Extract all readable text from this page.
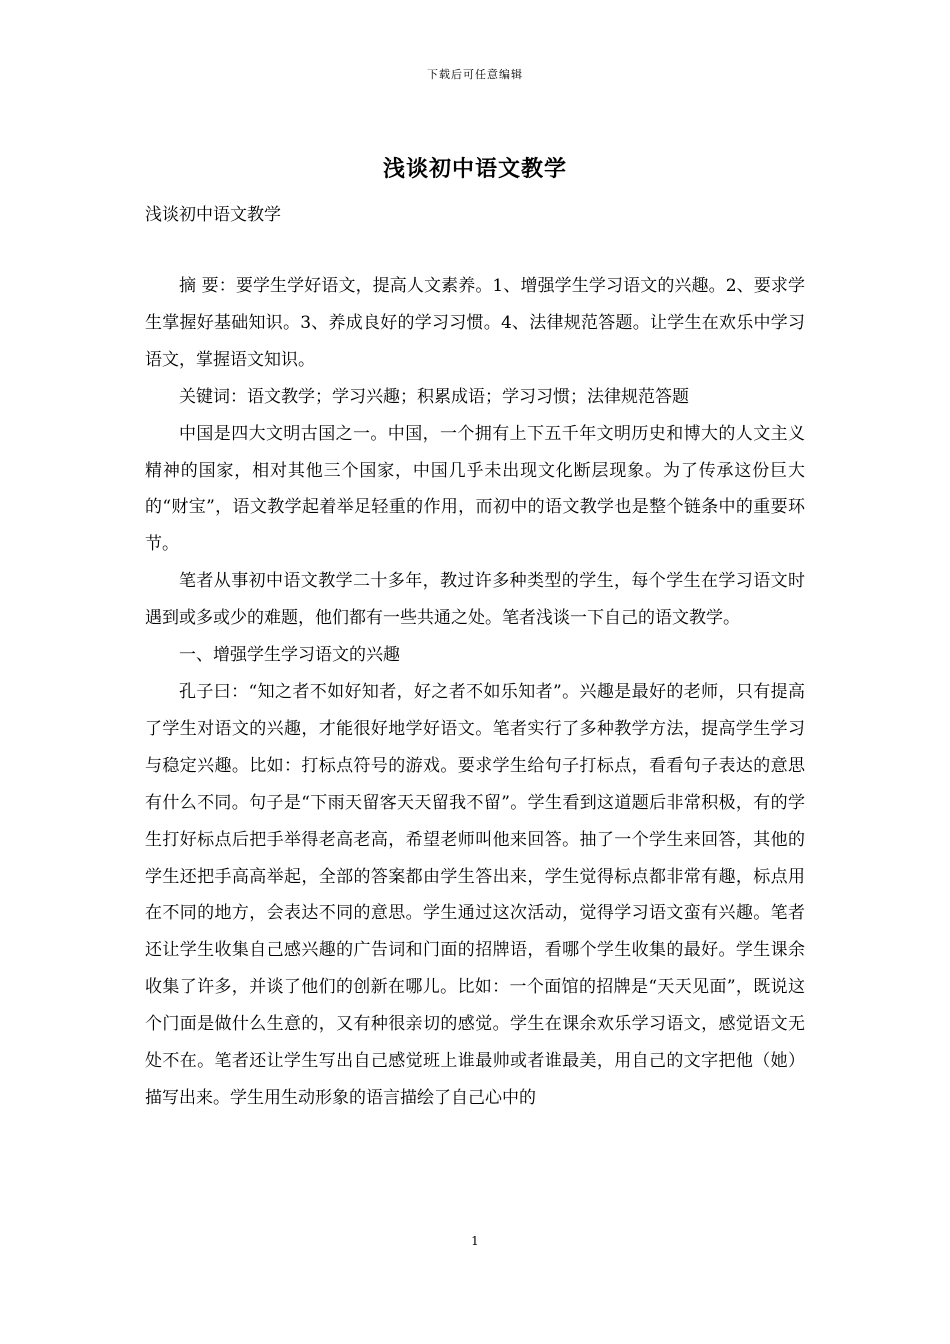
下载后可任意编辑
浅谈初中语文教学

浅谈初中语文教学

摘 要：要学生学好语文，提高人文素养。1、增强学生学习语文的兴趣。2、要求学生掌握好基础知识。3、养成良好的学习习惯。4、法律规范答题。让学生在欢乐中学习语文，掌握语文知识。

关键词：语文教学；学习兴趣；积累成语；学习习惯；法律规范答题

中国是四大文明古国之一。中国，一个拥有上下五千年文明历史和博大的人文主义精神的国家，相对其他三个国家，中国几乎未出现文化断层现象。为了传承这份巨大的“财宝”，语文教学起着举足轻重的作用，而初中的语文教学也是整个链条中的重要环节。

笔者从事初中语文教学二十多年，教过许多种类型的学生，每个学生在学习语文时遇到或多或少的难题，他们都有一些共通之处。笔者浅谈一下自己的语文教学。

一、增强学生学习语文的兴趣

孔子曰：“知之者不如好知者，好之者不如乐知者”。兴趣是最好的老师，只有提高了学生对语文的兴趣，才能很好地学好语文。笔者实行了多种教学方法，提高学生学习与稳定兴趣。比如：打标点符号的游戏。要求学生给句子打标点，看看句子表达的意思有什么不同。句子是“下雨天留客天天留我不留”。学生看到这道题后非常积极，有的学生打好标点后把手举得老高老高，希望老师叫他来回答。抽了一个学生来回答，其他的学生还把手高高举起，全部的答案都由学生答出来，学生觉得标点都非常有趣，标点用在不同的地方，会表达不同的意思。学生通过这次活动，觉得学习语文蛮有兴趣。笔者还让学生收集自己感兴趣的广告词和门面的招牌语，看哪个学生收集的最好。学生课余收集了许多，并谈了他们的创新在哪儿。比如：一个面馆的招牌是“天天见面”，既说这个门面是做什么生意的，又有种很亲切的感觉。学生在课余欢乐学习语文，感觉语文无处不在。笔者还让学生写出自己感觉班上谁最帅或者谁最美，用自己的文字把他（她）描写出来。学生用生动形象的语言描绘了自己心中的

1
